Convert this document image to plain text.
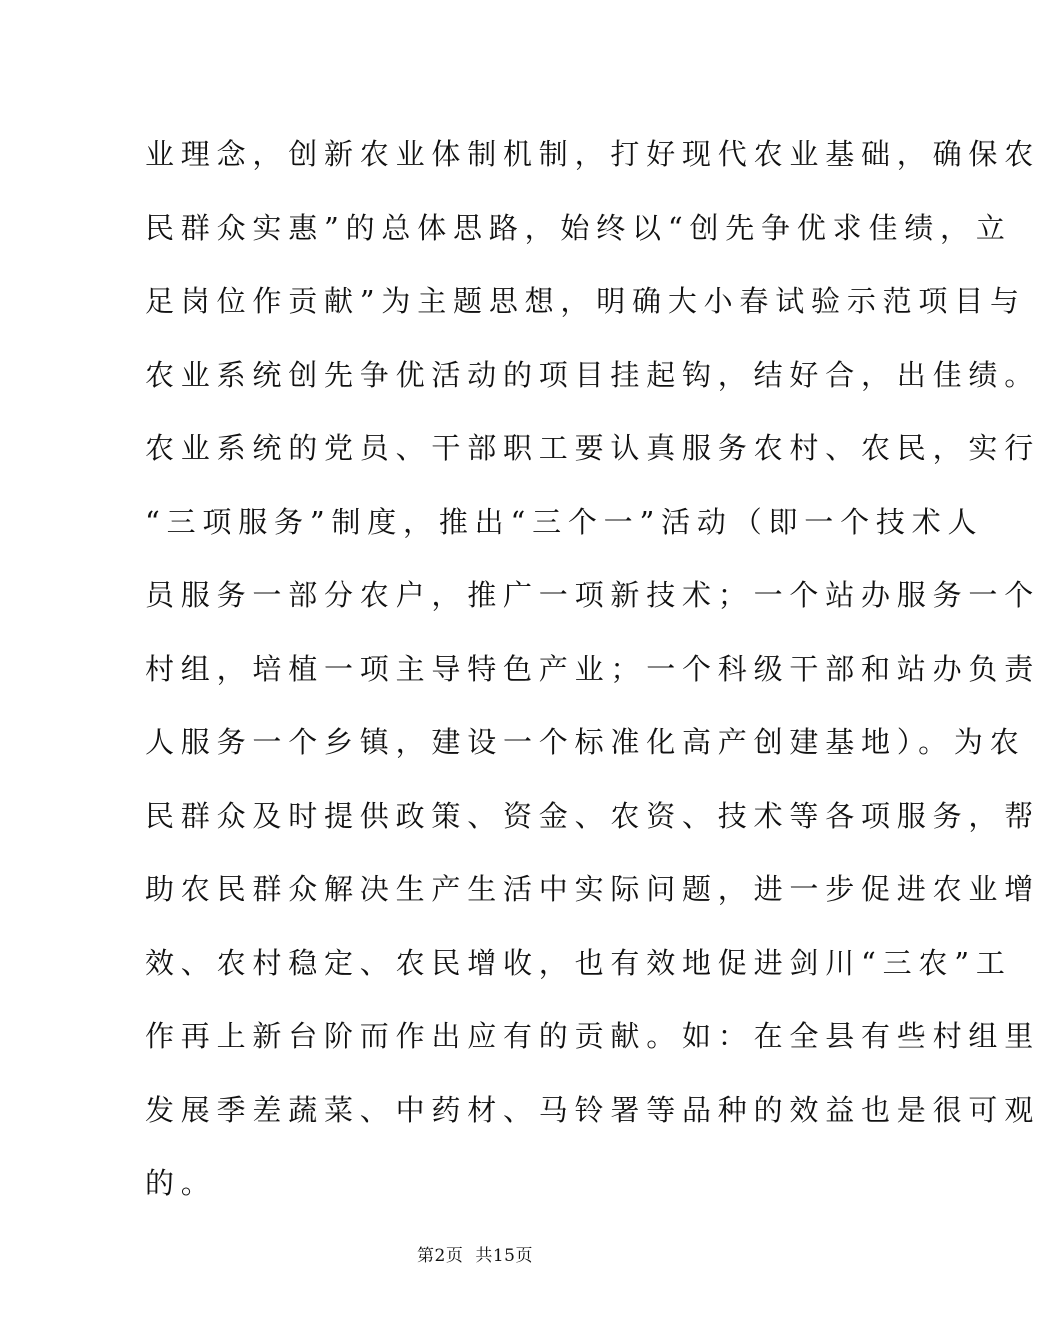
业理念，创新农业体制机制，打好现代农业基础，确保农
民群众实惠”的总体思路，始终以“创先争优求佳绩，立
足岗位作贡献”为主题思想，明确大小春试验示范项目与
农业系统创先争优活动的项目挂起钩，结好合，出佳绩。
农业系统的党员、干部职工要认真服务农村、农民，实行
“三项服务”制度，推出“三个一”活动（即一个技术人
员服务一部分农户，推广一项新技术；一个站办服务一个
村组，培植一项主导特色产业；一个科级干部和站办负责
人服务一个乡镇，建设一个标准化高产创建基地）。为农
民群众及时提供政策、资金、农资、技术等各项服务，帮
助农民群众解决生产生活中实际问题，进一步促进农业增
效、农村稳定、农民增收，也有效地促进剑川“三农”工
作再上新台阶而作出应有的贡献。如：在全县有些村组里
发展季差蔬菜、中药材、马铃署等品种的效益也是很可观
的。
第2页 共15页
